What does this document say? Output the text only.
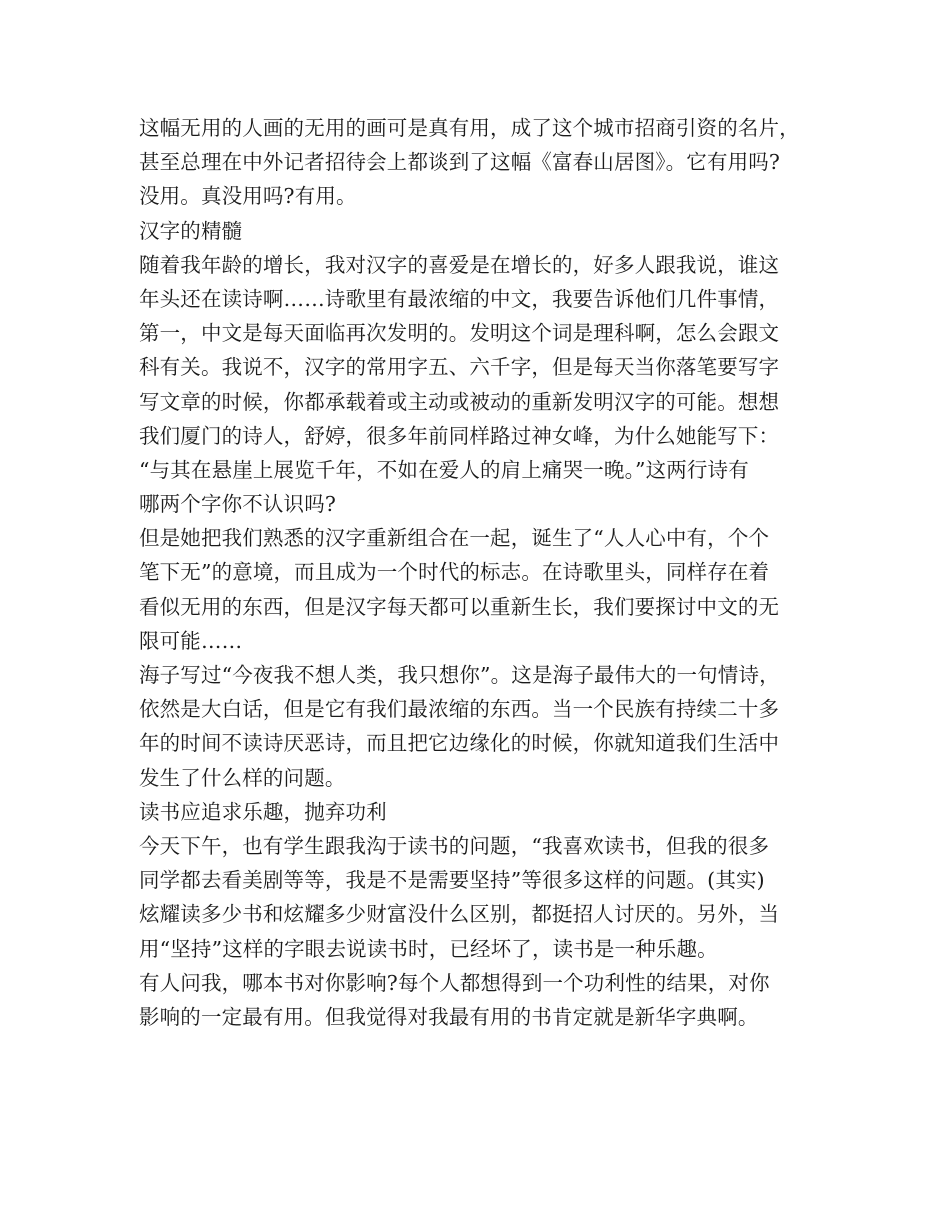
这幅无用的人画的无用的画可是真有用，成了这个城市招商引资的名片，
甚至总理在中外记者招待会上都谈到了这幅《富春山居图》。它有用吗?
没用。真没用吗?有用。
汉字的精髓
随着我年龄的增长，我对汉字的喜爱是在增长的，好多人跟我说，谁这
年头还在读诗啊……诗歌里有最浓缩的中文，我要告诉他们几件事情，
第一，中文是每天面临再次发明的。发明这个词是理科啊，怎么会跟文
科有关。我说不，汉字的常用字五、六千字，但是每天当你落笔要写字
写文章的时候，你都承载着或主动或被动的重新发明汉字的可能。想想
我们厦门的诗人，舒婷，很多年前同样路过神女峰，为什么她能写下：
“与其在悬崖上展览千年，不如在爱人的肩上痛哭一晚。”这两行诗有
哪两个字你不认识吗?
但是她把我们熟悉的汉字重新组合在一起，诞生了“人人心中有，个个
笔下无”的意境，而且成为一个时代的标志。在诗歌里头，同样存在着
看似无用的东西，但是汉字每天都可以重新生长，我们要探讨中文的无
限可能……
海子写过“今夜我不想人类，我只想你”。这是海子最伟大的一句情诗，
依然是大白话，但是它有我们最浓缩的东西。当一个民族有持续二十多
年的时间不读诗厌恶诗，而且把它边缘化的时候，你就知道我们生活中
发生了什么样的问题。
读书应追求乐趣，抛弃功利
今天下午，也有学生跟我沟于读书的问题，“我喜欢读书，但我的很多
同学都去看美剧等等，我是不是需要坚持”等很多这样的问题。(其实)
炫耀读多少书和炫耀多少财富没什么区别，都挺招人讨厌的。另外，当
用“坚持”这样的字眼去说读书时，已经坏了，读书是一种乐趣。
有人问我，哪本书对你影响?每个人都想得到一个功利性的结果，对你
影响的一定最有用。但我觉得对我最有用的书肯定就是新华字典啊。
